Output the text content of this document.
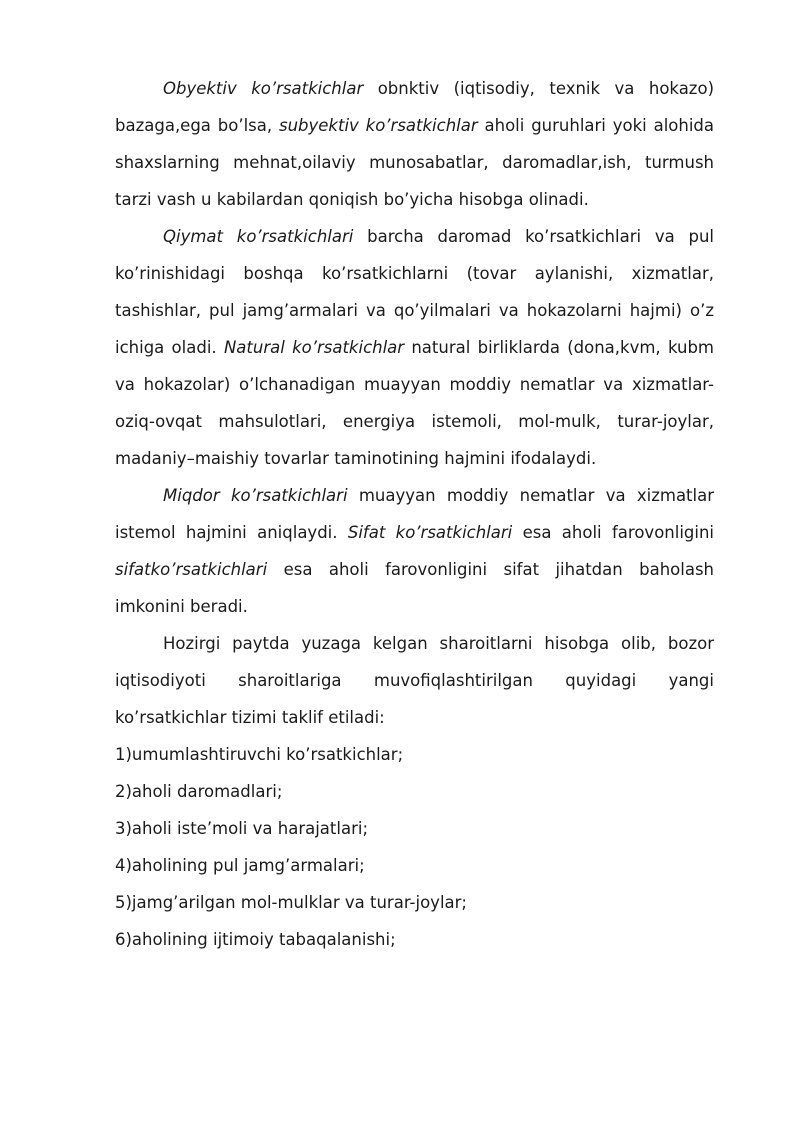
Obyektiv ko’rsatkichlar obnktiv (iqtisodiy, texnik va hokazo) bazaga,ega bo’lsa, subyektiv ko’rsatkichlar aholi guruhlari yoki alohida shaxslarning mehnat,oilaviy munosabatlar, daromadlar,ish, turmush tarzi vash u kabilardan qoniqish bo’yicha hisobga olinadi.

Qiymat ko’rsatkichlari barcha daromad ko’rsatkichlari va pul ko’rinishidagi boshqa ko’rsatkichlarni (tovar aylanishi, xizmatlar, tashishlar, pul jamg’armalari va qo’yilmalari va hokazolarni hajmi) o’z ichiga oladi. Natural ko’rsatkichlar natural birliklarda (dona,kvm, kubm va hokazolar) o’lchanadigan muayyan moddiy nematlar va xizmatlar-oziq-ovqat mahsulotlari, energiya istemoli, mol-mulk, turar-joylar, madaniy–maishiy tovarlar taminotining hajmini ifodalaydi.

Miqdor ko’rsatkichlari muayyan moddiy nematlar va xizmatlar istemol hajmini aniqlaydi. Sifat ko’rsatkichlari esa aholi farovonligini sifatko’rsatkichlari esa aholi farovonligini sifat jihatdan baholash imkonini beradi.

Hozirgi paytda yuzaga kelgan sharoitlarni hisobga olib, bozor iqtisodiyoti sharoitlariga muvofiqlashtirilgan quyidagi yangi ko’rsatkichlar tizimi taklif etiladi:

1)umumlashtiruvchi ko’rsatkichlar;

2)aholi daromadlari;

3)aholi iste’moli va harajatlari;

4)aholining pul jamg’armalari;

5)jamg’arilgan mol-mulklar va turar-joylar;

6)aholining ijtimoiy tabaqalanishi;
